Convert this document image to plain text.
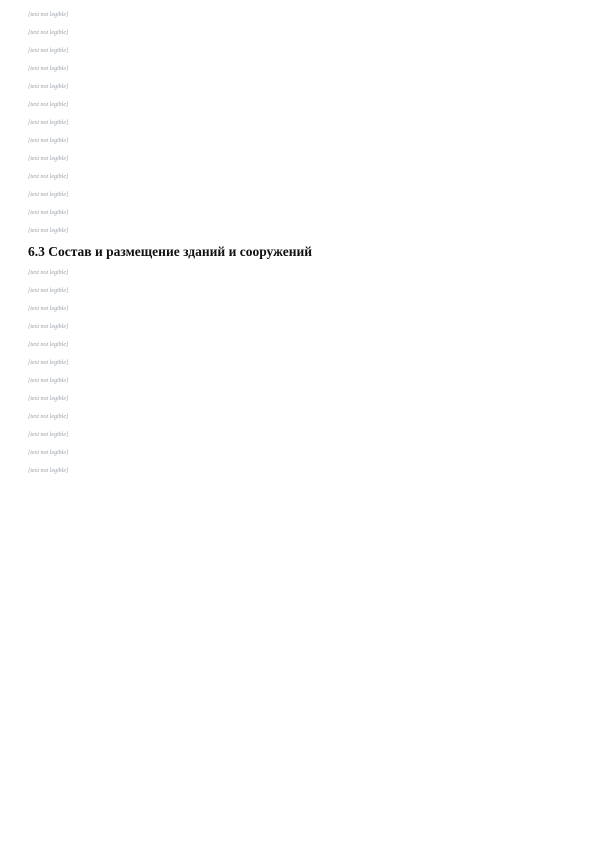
[text not legible]

[text not legible]

[text not legible]

[text not legible]

[text not legible]

[text not legible]

[text not legible]

[text not legible]

[text not legible]

[text not legible]

[text not legible]

[text not legible]

[text not legible]

6.3 Состав и размещение зданий и сооружений

[text not legible]

[text not legible]

[text not legible]

[text not legible]

[text not legible]

[text not legible]

[text not legible]

[text not legible]

[text not legible]

[text not legible]

[text not legible]

[text not legible]
